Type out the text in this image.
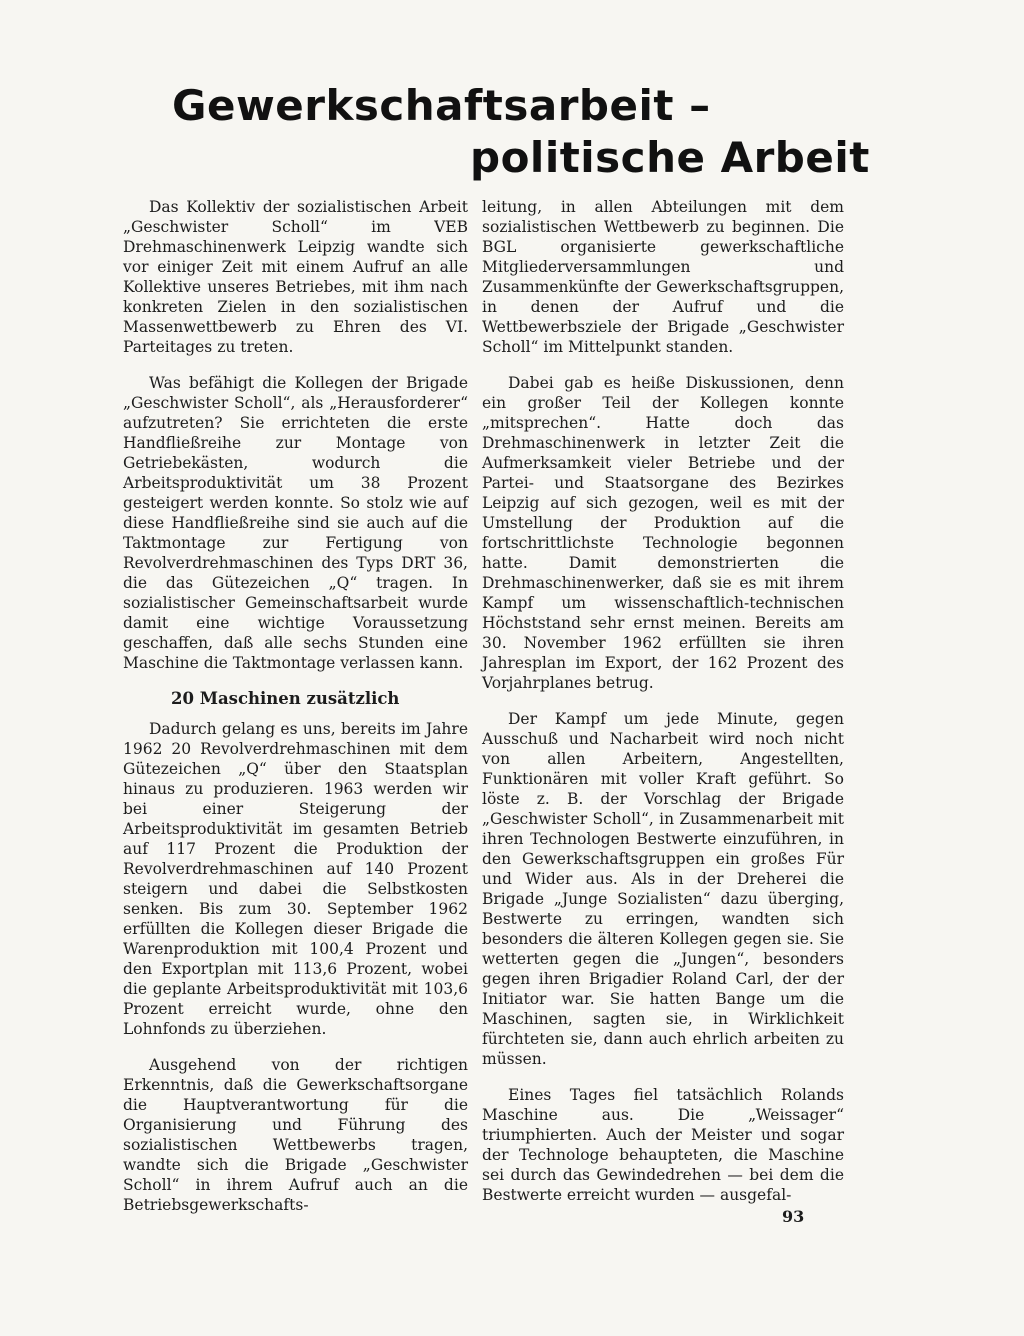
Gewerkschaftsarbeit –
politische Arbeit

Das Kollektiv der sozialistischen Arbeit „Geschwister Scholl“ im VEB Drehmaschinenwerk Leipzig wandte sich vor einiger Zeit mit einem Aufruf an alle Kollektive unseres Betriebes, mit ihm nach konkreten Zielen in den sozialistischen Massenwettbewerb zu Ehren des VI. Parteitages zu treten.

Was befähigt die Kollegen der Brigade „Geschwister Scholl“, als „Herausforderer“ aufzutreten? Sie errichteten die erste Handfließreihe zur Montage von Getriebekästen, wodurch die Arbeitsproduktivität um 38 Prozent gesteigert werden konnte. So stolz wie auf diese Handfließreihe sind sie auch auf die Taktmontage zur Fertigung von Revolverdrehmaschinen des Typs DRT 36, die das Gütezeichen „Q“ tragen. In sozialistischer Gemeinschaftsarbeit wurde damit eine wichtige Voraussetzung geschaffen, daß alle sechs Stunden eine Maschine die Taktmontage verlassen kann.

20 Maschinen zusätzlich

Dadurch gelang es uns, bereits im Jahre 1962 20 Revolverdrehmaschinen mit dem Gütezeichen „Q“ über den Staatsplan hinaus zu produzieren. 1963 werden wir bei einer Steigerung der Arbeitsproduktivität im gesamten Betrieb auf 117 Prozent die Produktion der Revolverdrehmaschinen auf 140 Prozent steigern und dabei die Selbstkosten senken. Bis zum 30. September 1962 erfüllten die Kollegen dieser Brigade die Warenproduktion mit 100,4 Prozent und den Exportplan mit 113,6 Prozent, wobei die geplante Arbeitsproduktivität mit 103,6 Prozent erreicht wurde, ohne den Lohnfonds zu überziehen.

Ausgehend von der richtigen Erkenntnis, daß die Gewerkschaftsorgane die Hauptverantwortung für die Organisierung und Führung des sozialistischen Wettbewerbs tragen, wandte sich die Brigade „Geschwister Scholl“ in ihrem Aufruf auch an die Betriebsgewerkschafts-

leitung, in allen Abteilungen mit dem sozialistischen Wettbewerb zu beginnen. Die BGL organisierte gewerkschaftliche Mitgliederversammlungen und Zusammenkünfte der Gewerkschaftsgruppen, in denen der Aufruf und die Wettbewerbsziele der Brigade „Geschwister Scholl“ im Mittelpunkt standen.

Dabei gab es heiße Diskussionen, denn ein großer Teil der Kollegen konnte „mitsprechen“. Hatte doch das Drehmaschinenwerk in letzter Zeit die Aufmerksamkeit vieler Betriebe und der Partei- und Staatsorgane des Bezirkes Leipzig auf sich gezogen, weil es mit der Umstellung der Produktion auf die fortschrittlichste Technologie begonnen hatte. Damit demonstrierten die Drehmaschinenwerker, daß sie es mit ihrem Kampf um wissenschaftlich-technischen Höchststand sehr ernst meinen. Bereits am 30. November 1962 erfüllten sie ihren Jahresplan im Export, der 162 Prozent des Vorjahrplanes betrug.

Der Kampf um jede Minute, gegen Ausschuß und Nacharbeit wird noch nicht von allen Arbeitern, Angestellten, Funktionären mit voller Kraft geführt. So löste z. B. der Vorschlag der Brigade „Geschwister Scholl“, in Zusammenarbeit mit ihren Technologen Bestwerte einzuführen, in den Gewerkschaftsgruppen ein großes Für und Wider aus. Als in der Dreherei die Brigade „Junge Sozialisten“ dazu überging, Bestwerte zu erringen, wandten sich besonders die älteren Kollegen gegen sie. Sie wetterten gegen die „Jungen“, besonders gegen ihren Brigadier Roland Carl, der der Initiator war. Sie hatten Bange um die Maschinen, sagten sie, in Wirklichkeit fürchteten sie, dann auch ehrlich arbeiten zu müssen.

Eines Tages fiel tatsächlich Rolands Maschine aus. Die „Weissager“ triumphierten. Auch der Meister und sogar der Technologe behaupteten, die Maschine sei durch das Gewindedrehen — bei dem die Bestwerte erreicht wurden — ausgefal-

93
